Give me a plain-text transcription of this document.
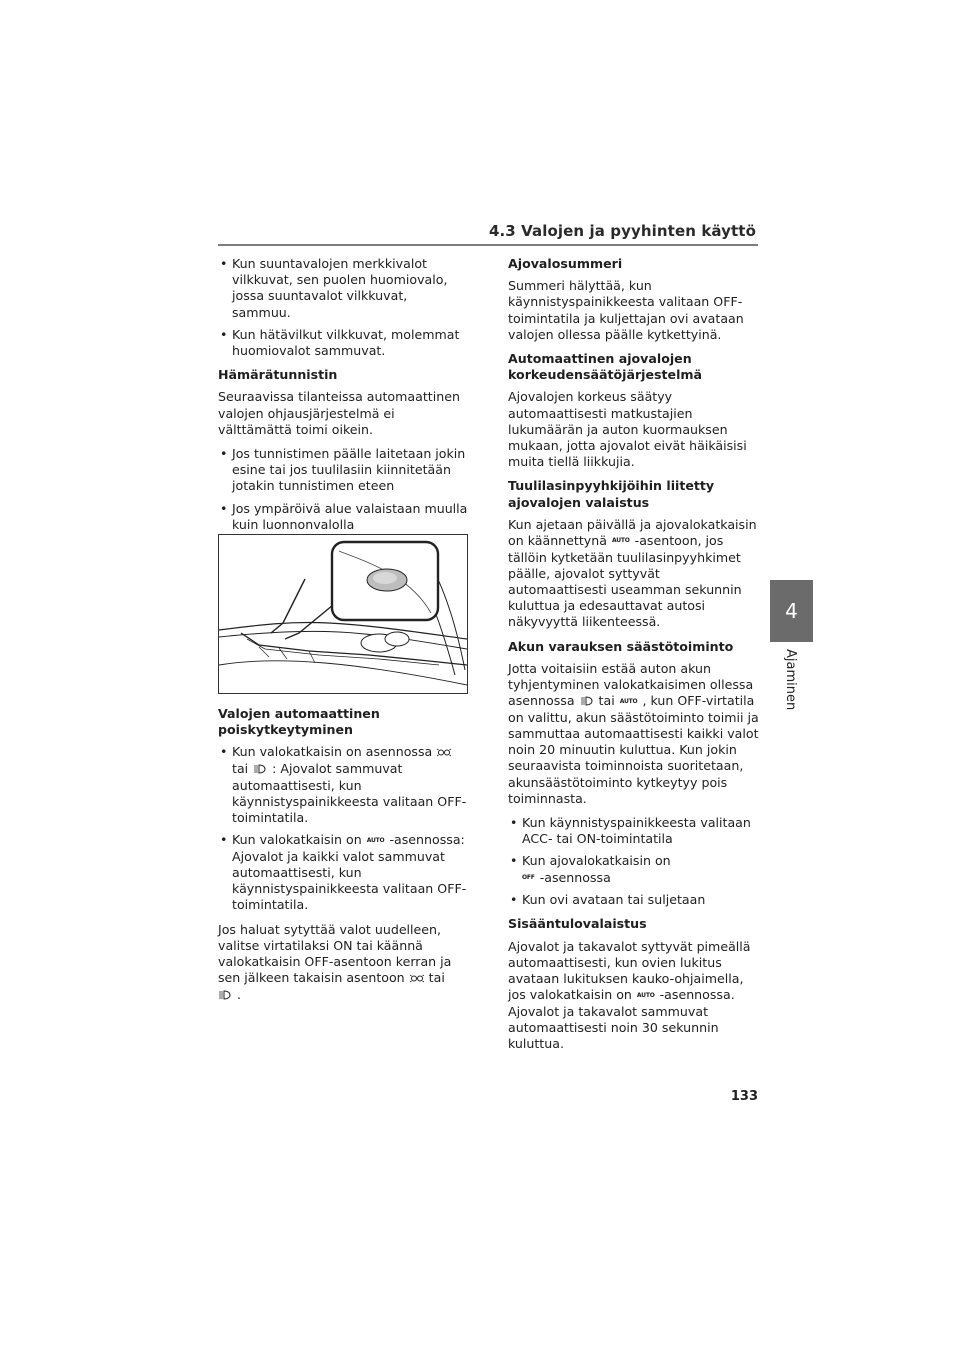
4.3 Valojen ja pyyhinten käyttö
• Kun suuntavalojen merkkivalot vilkkuvat, sen puolen huomiovalo, jossa suuntavalot vilkkuvat, sammuu.
• Kun hätävilkut vilkkuvat, molemmat huomiovalot sammuvat.
Hämärätunnistin

Seuraavissa tilanteissa automaattinen valojen ohjausjärjestelmä ei välttämättä toimi oikein.

• Jos tunnistimen päälle laitetaan jokin esine tai jos tuulilasiin kiinnitetään jotakin tunnistimen eteen
• Jos ympäröivä alue valaistaan muulla kuin luonnonvalolla
Valojen automaattinen poiskytkeytyminen
• Kun valokatkaisin on asennossa
tai : Ajovalot sammuvat automaattisesti, kun käynnistyspainikkeesta valitaan OFF-toimintatila.
• Kun valokatkaisin on AUTO -asennossa: Ajovalot ja kaikki valot sammuvat automaattisesti, kun käynnistyspainikkeesta valitaan OFF-toimintatila.

Jos haluat sytyttää valot uudelleen, valitse virtatilaksi ON tai käännä valokatkaisin OFF-asentoon kerran ja sen jälkeen takaisin asentoon tai
.

Ajovalosummeri

Summeri hälyttää, kun käynnistyspainikkeesta valitaan OFF-toimintatila ja kuljettajan ovi avataan valojen ollessa päälle kytkettyinä.

Automaattinen ajovalojen korkeudensäätöjärjestelmä

Ajovalojen korkeus säätyy automaattisesti matkustajien lukumäärän ja auton kuormauksen mukaan, jotta ajovalot eivät häikäisisi muita tiellä liikkujia.

Tuulilasinpyyhkijöihin liitetty ajovalojen valaistus

Kun ajetaan päivällä ja ajovalokatkaisin on käännettynä AUTO -asentoon, jos tällöin kytketään tuulilasinpyyhkimet päälle, ajovalot syttyvät automaattisesti useamman sekunnin kuluttua ja edesauttavat autosi näkyvyyttä liikenteessä.

Akun varauksen säästötoiminto

Jotta voitaisiin estää auton akun tyhjentyminen valokatkaisimen ollessa asennossa tai AUTO , kun OFF-virtatila on valittu, akun säästötoiminto toimii ja sammuttaa automaattisesti kaikki valot noin 20 minuutin kuluttua. Kun jokin seuraavista toiminnoista suoritetaan, akunsäästötoiminto kytkeytyy pois toiminnasta.

• Kun käynnistyspainikkeesta valitaan ACC- tai ON-toimintatila
• Kun ajovalokatkaisin on
OFF -asennossa
• Kun ovi avataan tai suljetaan
Sisääntulovalaistus

Ajovalot ja takavalot syttyvät pimeällä automaattisesti, kun ovien lukitus avataan lukituksen kauko-ohjaimella, jos valokatkaisin on AUTO -asennossa. Ajovalot ja takavalot sammuvat automaattisesti noin 30 sekunnin kuluttua.

4
Ajaminen
133
